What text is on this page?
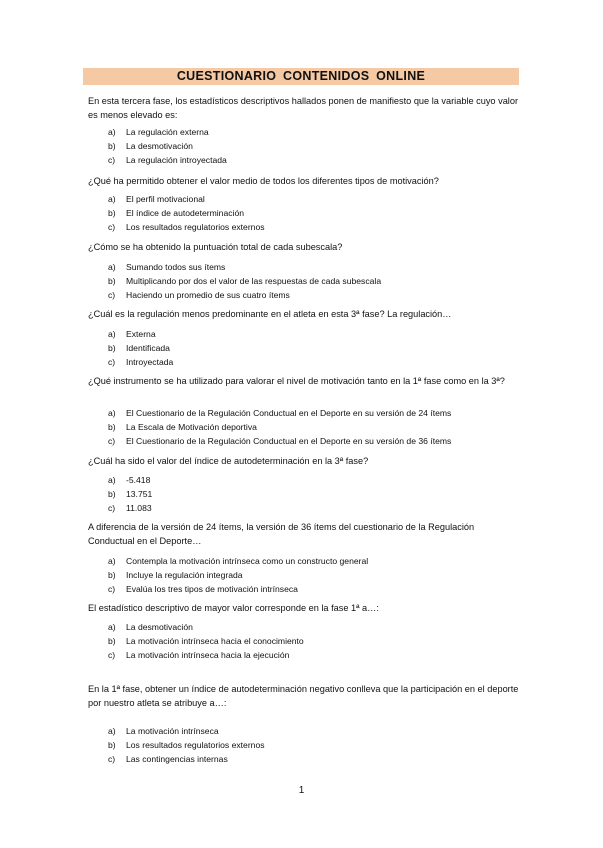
CUESTIONARIO CONTENIDOS ONLINE

En esta tercera fase, los estadísticos descriptivos hallados ponen de manifiesto que la variable cuyo valor es menos elevado es:

a)	La regulación externa
b)	La desmotivación
c)	La regulación introyectada

¿Qué ha permitido obtener el valor medio de todos los diferentes tipos de motivación?

a)	El perfil motivacional
b)	El índice de autodeterminación
c)	Los resultados regulatorios externos

¿Cómo se ha obtenido la puntuación total de cada subescala?

a)	Sumando todos sus ítems
b)	Multiplicando por dos el valor de las respuestas de cada subescala
c)	Haciendo un promedio de sus cuatro ítems

¿Cuál es la regulación menos predominante en el atleta en esta 3ª fase? La regulación…

a)	Externa
b)	Identificada
c)	Introyectada

¿Qué instrumento se ha utilizado para valorar el nivel de motivación tanto en la 1ª fase como en la 3ª?

a)	El Cuestionario de la Regulación Conductual en el Deporte en su versión de 24 ítems
b)	La Escala de Motivación deportiva
c)	El Cuestionario de la Regulación Conductual en el Deporte en su versión de 36 ítems

¿Cuál ha sido el valor del índice de autodeterminación en la 3ª fase?

a)	-5.418
b)	13.751
c)	11.083

A diferencia de la versión de 24 ítems, la versión de 36 ítems del cuestionario de la Regulación Conductual en el Deporte…

a)	Contempla la motivación intrínseca como un constructo general
b)	Incluye la regulación integrada
c)	Evalúa los tres tipos de motivación intrínseca

El estadístico descriptivo de mayor valor corresponde en la fase 1ª a…:

a)	La desmotivación
b)	La motivación intrínseca hacia el conocimiento
c)	La motivación intrínseca hacia la ejecución

En la 1ª fase, obtener un índice de autodeterminación negativo conlleva que la participación en el deporte por nuestro atleta se atribuye a…:

a)	La motivación intrínseca
b)	Los resultados regulatorios externos
c)	Las contingencias internas
1
